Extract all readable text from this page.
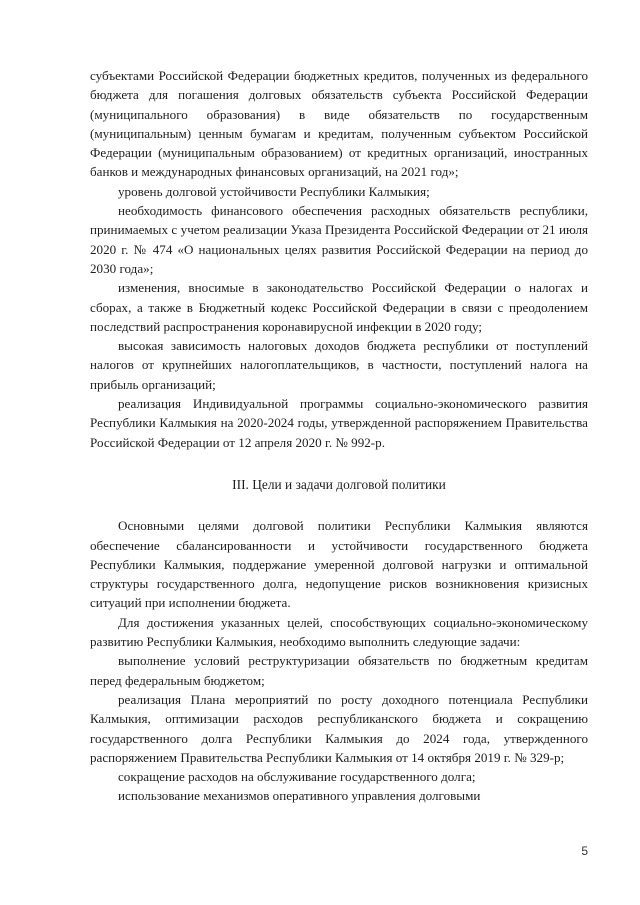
субъектами Российской Федерации бюджетных кредитов, полученных из федерального бюджета для погашения долговых обязательств субъекта Российской Федерации (муниципального образования) в виде обязательств по государственным (муниципальным) ценным бумагам и кредитам, полученным субъектом Российской Федерации (муниципальным образованием) от кредитных организаций, иностранных банков и международных финансовых организаций, на 2021 год»;

уровень долговой устойчивости Республики Калмыкия;

необходимость финансового обеспечения расходных обязательств республики, принимаемых с учетом реализации Указа Президента Российской Федерации от 21 июля 2020 г. № 474 «О национальных целях развития Российской Федерации на период до 2030 года»;

изменения, вносимые в законодательство Российской Федерации о налогах и сборах, а также в Бюджетный кодекс Российской Федерации в связи с преодолением последствий распространения коронавирусной инфекции в 2020 году;

высокая зависимость налоговых доходов бюджета республики от поступлений налогов от крупнейших налогоплательщиков, в частности, поступлений налога на прибыль организаций;

реализация Индивидуальной программы социально-экономического развития Республики Калмыкия на 2020-2024 годы, утвержденной распоряжением Правительства Российской Федерации от 12 апреля 2020 г. № 992-р.

III. Цели и задачи долговой политики

Основными целями долговой политики Республики Калмыкия являются обеспечение сбалансированности и устойчивости государственного бюджета Республики Калмыкия, поддержание умеренной долговой нагрузки и оптимальной структуры государственного долга, недопущение рисков возникновения кризисных ситуаций при исполнении бюджета.

Для достижения указанных целей, способствующих социально-экономическому развитию Республики Калмыкия, необходимо выполнить следующие задачи:

выполнение условий реструктуризации обязательств по бюджетным кредитам перед федеральным бюджетом;

реализация Плана мероприятий по росту доходного потенциала Республики Калмыкия, оптимизации расходов республиканского бюджета и сокращению государственного долга Республики Калмыкия до 2024 года, утвержденного распоряжением Правительства Республики Калмыкия от 14 октября 2019 г. № 329-р;

сокращение расходов на обслуживание государственного долга;

использование механизмов оперативного управления долговыми

5
